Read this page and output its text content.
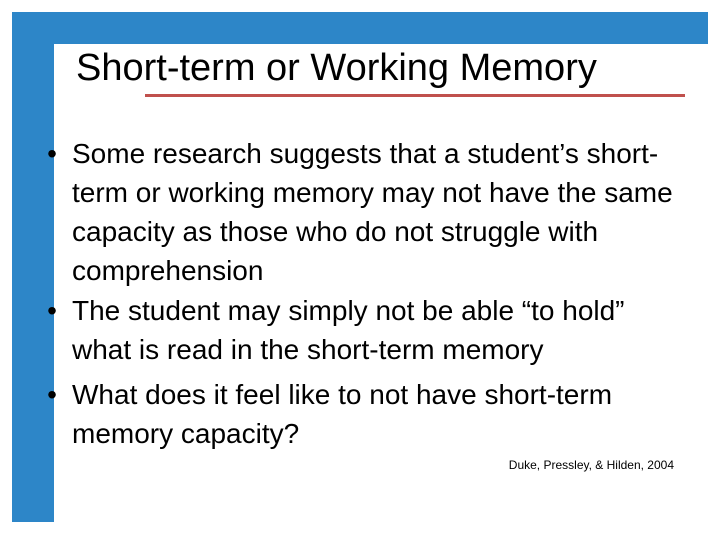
Short-term or Working Memory
• Some research suggests that a student’s short-term or working memory may not have the same capacity as those who do not struggle with comprehension
• The student may simply not be able “to hold” what is read in the short-term memory
• What does it feel like to not have short-term memory capacity?
Duke, Pressley, & Hilden, 2004
